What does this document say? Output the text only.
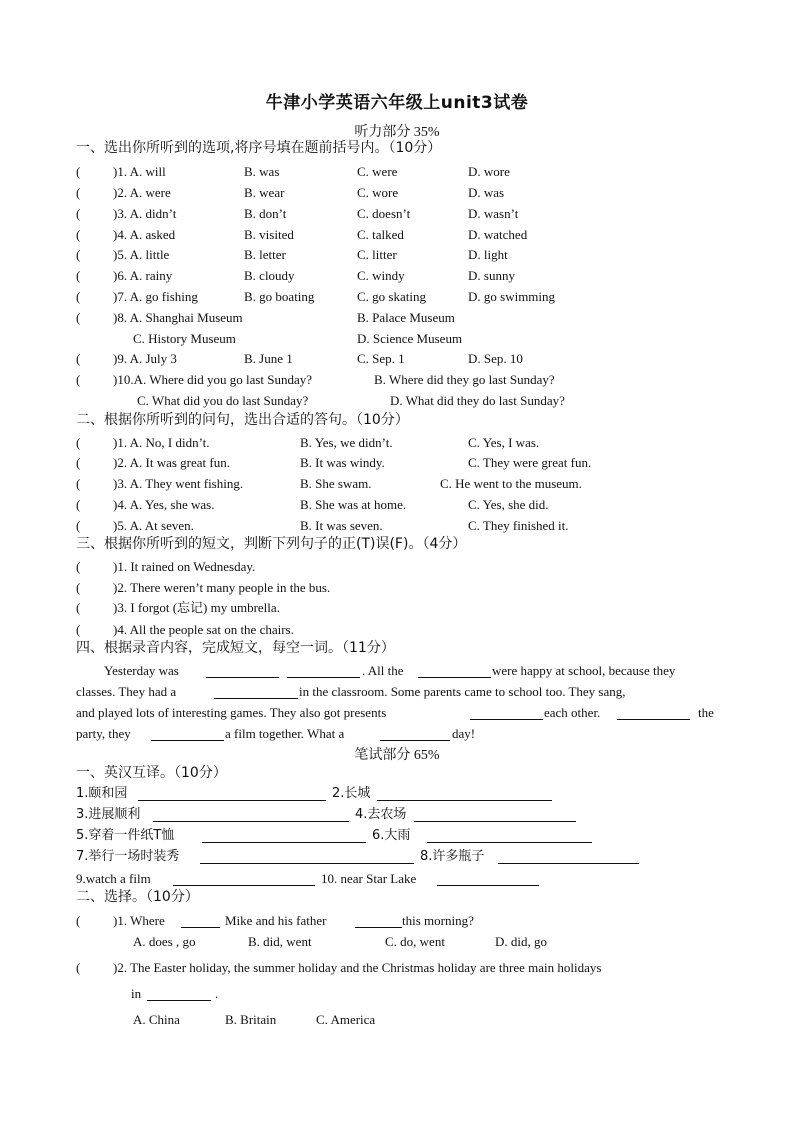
牛津小学英语六年级上unit3试卷
听力部分 35%
一、选出你所听到的选项,将序号填在题前括号内。（10分）
(	)1. A. will	B. was	C. were	D. wore
(	)2. A. were	B. wear	C. wore	D. was
(	)3. A. didn’t	B. don’t	C. doesn’t	D. wasn’t
(	)4. A. asked	B. visited	C. talked	D. watched
(	)5. A. little	B. letter	C. litter	D. light
(	)6. A. rainy	B. cloudy	C. windy	D. sunny
(	)7. A. go fishing	B. go boating	C. go skating	D. go swimming
(	)8. A. Shanghai Museum	B. Palace Museum
C. History Museum	D. Science Museum
(	)9. A. July 3	B. June 1	C. Sep. 1	D. Sep. 10
(	)10.A. Where did you go last Sunday?	B. Where did they go last Sunday?
C. What did you do last Sunday?	D. What did they do last Sunday?
二、根据你所听到的问句，选出合适的答句。（10分）
(	)1. A. No, I didn’t.	B. Yes, we didn’t.	C. Yes, I was.
(	)2. A. It was great fun.	B. It was windy.	C. They were great fun.
(	)3. A. They went fishing.	B. She swam.	C. He went to the museum.
(	)4. A. Yes, she was.	B. She was at home.	C. Yes, she did.
(	)5. A. At seven.	B. It was seven.	C. They finished it.
三、根据你所听到的短文，判断下列句子的正(T)误(F)。（4分）
(	)1. It rained on Wednesday.
(	)2. There weren’t many people in the bus.
(	)3. I forgot (忘记) my umbrella.
(	)4. All the people sat on the chairs.
四、根据录音内容，完成短文，每空一词。（11分）
Yesterday was	. All the	were happy at school, because they
classes. They had a	in the classroom. Some parents came to school too. They sang,
and played lots of interesting games. They also got presents	each other.	the
party, they	a film together. What a	day!
笔试部分 65%
一、英汉互译。（10分）
1.颐和园	2.长城
3.进展顺利	4.去农场
5.穿着一件纸T恤	6.大雨
7.举行一场时装秀	8.许多瓶子
9.watch a film	10. near Star Lake
二、选择。（10分）
(	)1. Where	Mike and his father	this morning?
A. does , go	B. did, went	C. do, went	D. did, go
(	)2. The Easter holiday, the summer holiday and the Christmas holiday are three main holidays
in	.
A. China	B. Britain	C. America
